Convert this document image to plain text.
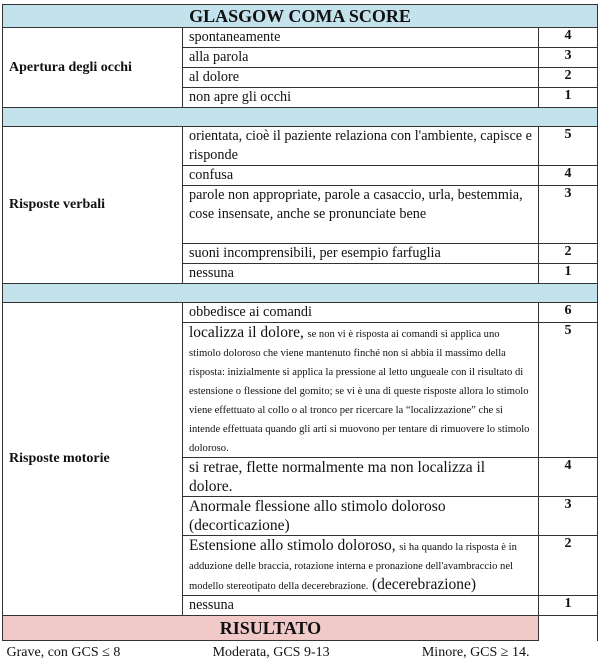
GLASGOW COMA SCORE		
Apertura degli occhi	spontaneamente	4
	alla parola	3
	al dolore	2
	non apre gli occhi	1

Risposte verbali	orientata, cioè il paziente relaziona con l'ambiente, capisce e risponde	5
	confusa	4
	parole non appropriate, parole a casaccio, urla, bestemmia, cose insensate, anche se pronunciate bene	3
	suoni incomprensibili, per esempio farfuglia	2
	nessuna	1

Risposte motorie	obbedisce ai comandi	6
	localizza il dolore, se non vi è risposta ai comandi si applica uno stimolo doloroso che viene mantenuto finché non si abbia il massimo della risposta: inizialmente si applica la pressione al letto ungueale con il risultato di estensione o flessione del gomito; se vi è una di queste risposte allora lo stimolo viene effettuato al collo o al tronco per ricercare la “localizzazione” che si intende effettuata quando gli arti si muovono per tentare di rimuovere lo stimolo doloroso.	5
	si retrae, flette normalmente ma non localizza il dolore.	4
	Anormale flessione allo stimolo doloroso (decorticazione)	3
	Estensione allo stimolo doloroso, si ha quando la risposta è in adduzione delle braccia, rotazione interna e pronazione dell'avambraccio nel modello stereotipato della decerebrazione. (decerebrazione)	2
	nessuna	1
RISULTATO		

Grave, con GCS ≤ 8 Moderata, GCS 9-13 Minore, GCS ≥ 14.		
